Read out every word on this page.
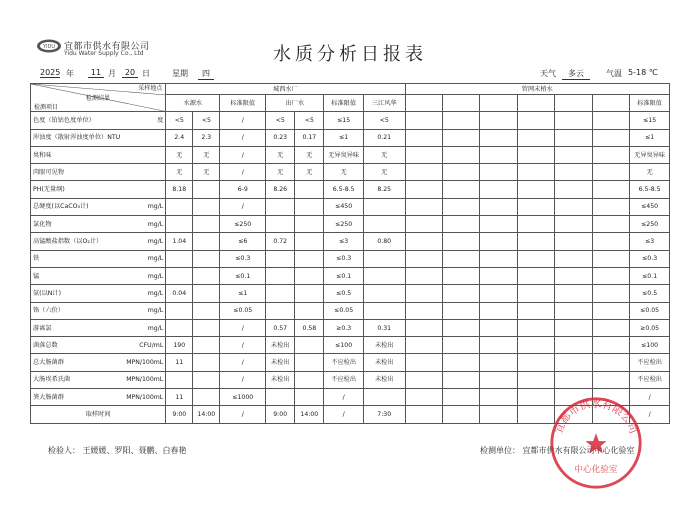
YIDU 宜都市供水有限公司
Yidu Water Supply Co., Ltd	水质分析日报表
2025 年	11 月	20 日	星期	四	天气	多云	气温 5-18 ℃
采样地点
检测结果
检测项目	城西水厂							管网末梢水						
	水源水		标准限值	出厂水		标准限值	三江风华							标准限值
色度（铂钴色度单位） 度	<5	<5	/	<5	<5	≤15	<5							≤15
浑浊度（散射浑浊度单位）NTU	2.4	2.3	/	0.23	0.17	≤1	0.21							≤1
臭和味	无	无	/	无	无	无异臭异味	无							无异臭异味
肉眼可见物	无	无	/	无	无	无	无							无
PH(无量纲)	8.18		6-9	8.26		6.5-8.5	8.25							6.5-8.5
总硬度(以CaCO₃计) mg/L			/			≤450								≤450
氯化物 mg/L			≤250			≤250								≤250
高锰酸盐指数（以O₂计） mg/L	1.04		≤6	0.72		≤3	0.80							≤3
铁 mg/L			≤0.3			≤0.3								≤0.3
锰 mg/L			≤0.1			≤0.1								≤0.1
氨(以N计) mg/L	0.04		≤1			≤0.5								≤0.5
铬（六价） mg/L			≤0.05			≤0.05								≤0.05
游离氯 mg/L			/	0.57	0.58	≥0.3	0.31							≥0.05
菌落总数 CFU/mL	190		/	未检出		≤100	未检出							≤100
总大肠菌群 MPN/100mL	11		/	未检出		不应检出	未检出							不应检出
大肠埃希氏菌 MPN/100mL			/	未检出		不应检出	未检出							不应检出
粪大肠菌群 MPN/100mL	11		≤1000			/								/
取样时间	9:00	14:00	/	9:00	14:00	/	7:30							/
检验人： 王媛媛、罗阳、聂鹏、白春艳	检测单位： 宜都市供水有限公司中心化验室
宜都市供水有限公司
中心化验室
